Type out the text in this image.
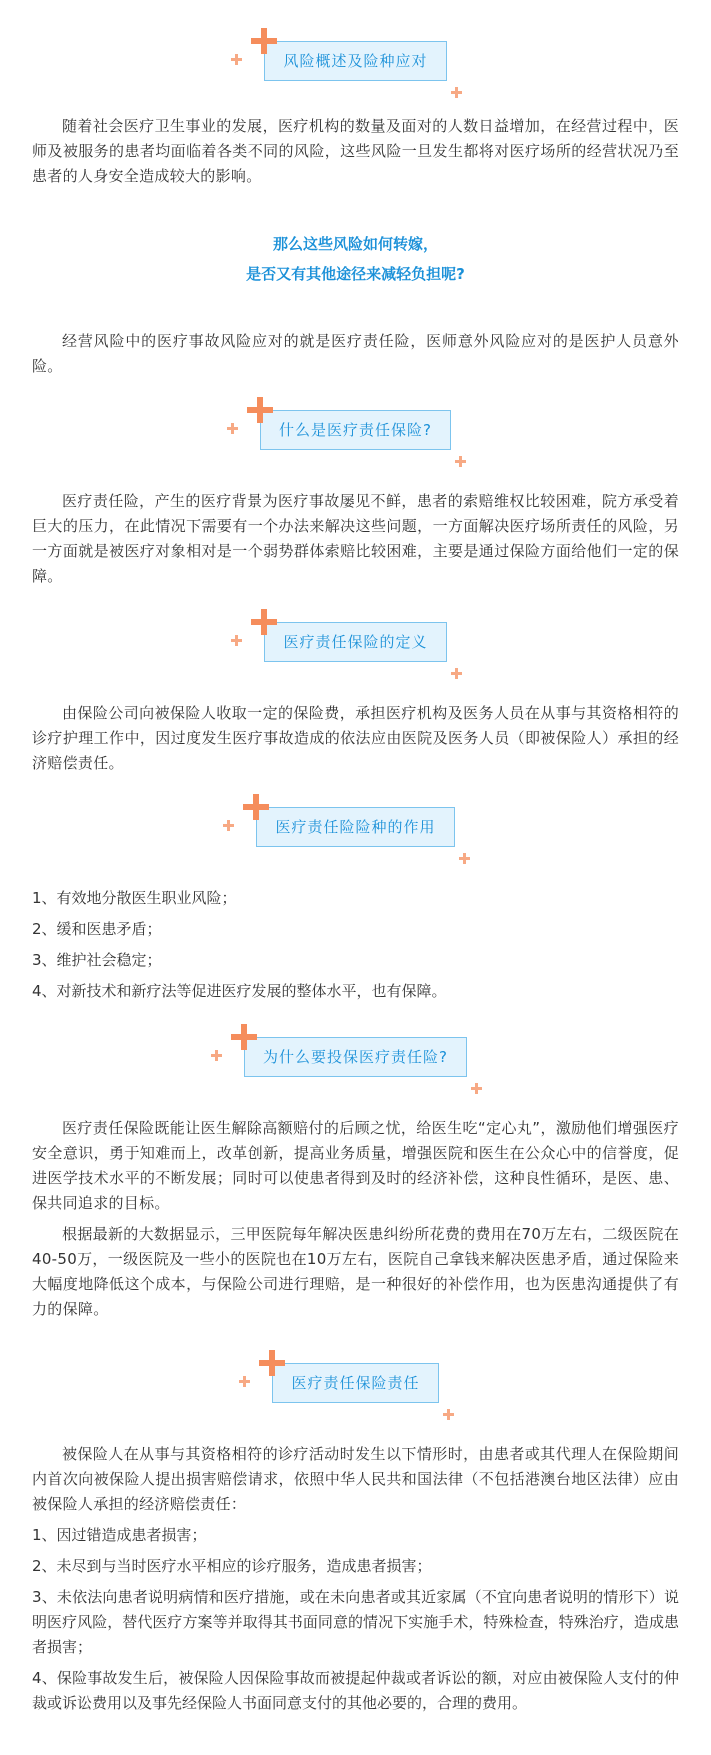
风险概述及险种应对

随着社会医疗卫生事业的发展，医疗机构的数量及面对的人数日益增加，在经营过程中，医师及被服务的患者均面临着各类不同的风险，这些风险一旦发生都将对医疗场所的经营状况乃至患者的人身安全造成较大的影响。

那么这些风险如何转嫁，

是否又有其他途径来减轻负担呢?

经营风险中的医疗事故风险应对的就是医疗责任险，医师意外风险应对的是医护人员意外险。

什么是医疗责任保险?

医疗责任险，产生的医疗背景为医疗事故屡见不鲜，患者的索赔维权比较困难，院方承受着巨大的压力，在此情况下需要有一个办法来解决这些问题，一方面解决医疗场所责任的风险，另一方面就是被医疗对象相对是一个弱势群体索赔比较困难，主要是通过保险方面给他们一定的保障。

医疗责任保险的定义

由保险公司向被保险人收取一定的保险费，承担医疗机构及医务人员在从事与其资格相符的诊疗护理工作中，因过度发生医疗事故造成的依法应由医院及医务人员（即被保险人）承担的经济赔偿责任。

医疗责任险险种的作用

1、有效地分散医生职业风险；

2、缓和医患矛盾；

3、维护社会稳定；

4、对新技术和新疗法等促进医疗发展的整体水平，也有保障。

为什么要投保医疗责任险?

医疗责任保险既能让医生解除高额赔付的后顾之忧，给医生吃“定心丸”，激励他们增强医疗安全意识，勇于知难而上，改革创新，提高业务质量，增强医院和医生在公众心中的信誉度，促进医学技术水平的不断发展；同时可以使患者得到及时的经济补偿，这种良性循环，是医、患、保共同追求的目标。

根据最新的大数据显示，三甲医院每年解决医患纠纷所花费的费用在70万左右，二级医院在40-50万，一级医院及一些小的医院也在10万左右，医院自己拿钱来解决医患矛盾，通过保险来大幅度地降低这个成本，与保险公司进行理赔，是一种很好的补偿作用，也为医患沟通提供了有力的保障。

医疗责任保险责任

被保险人在从事与其资格相符的诊疗活动时发生以下情形时，由患者或其代理人在保险期间内首次向被保险人提出损害赔偿请求，依照中华人民共和国法律（不包括港澳台地区法律）应由被保险人承担的经济赔偿责任：

1、因过错造成患者损害；

2、未尽到与当时医疗水平相应的诊疗服务，造成患者损害；

3、未依法向患者说明病情和医疗措施，或在未向患者或其近家属（不宜向患者说明的情形下）说明医疗风险，替代医疗方案等并取得其书面同意的情况下实施手术，特殊检查，特殊治疗，造成患者损害；

4、保险事故发生后，被保险人因保险事故而被提起仲裁或者诉讼的额，对应由被保险人支付的仲裁或诉讼费用以及事先经保险人书面同意支付的其他必要的，合理的费用。
